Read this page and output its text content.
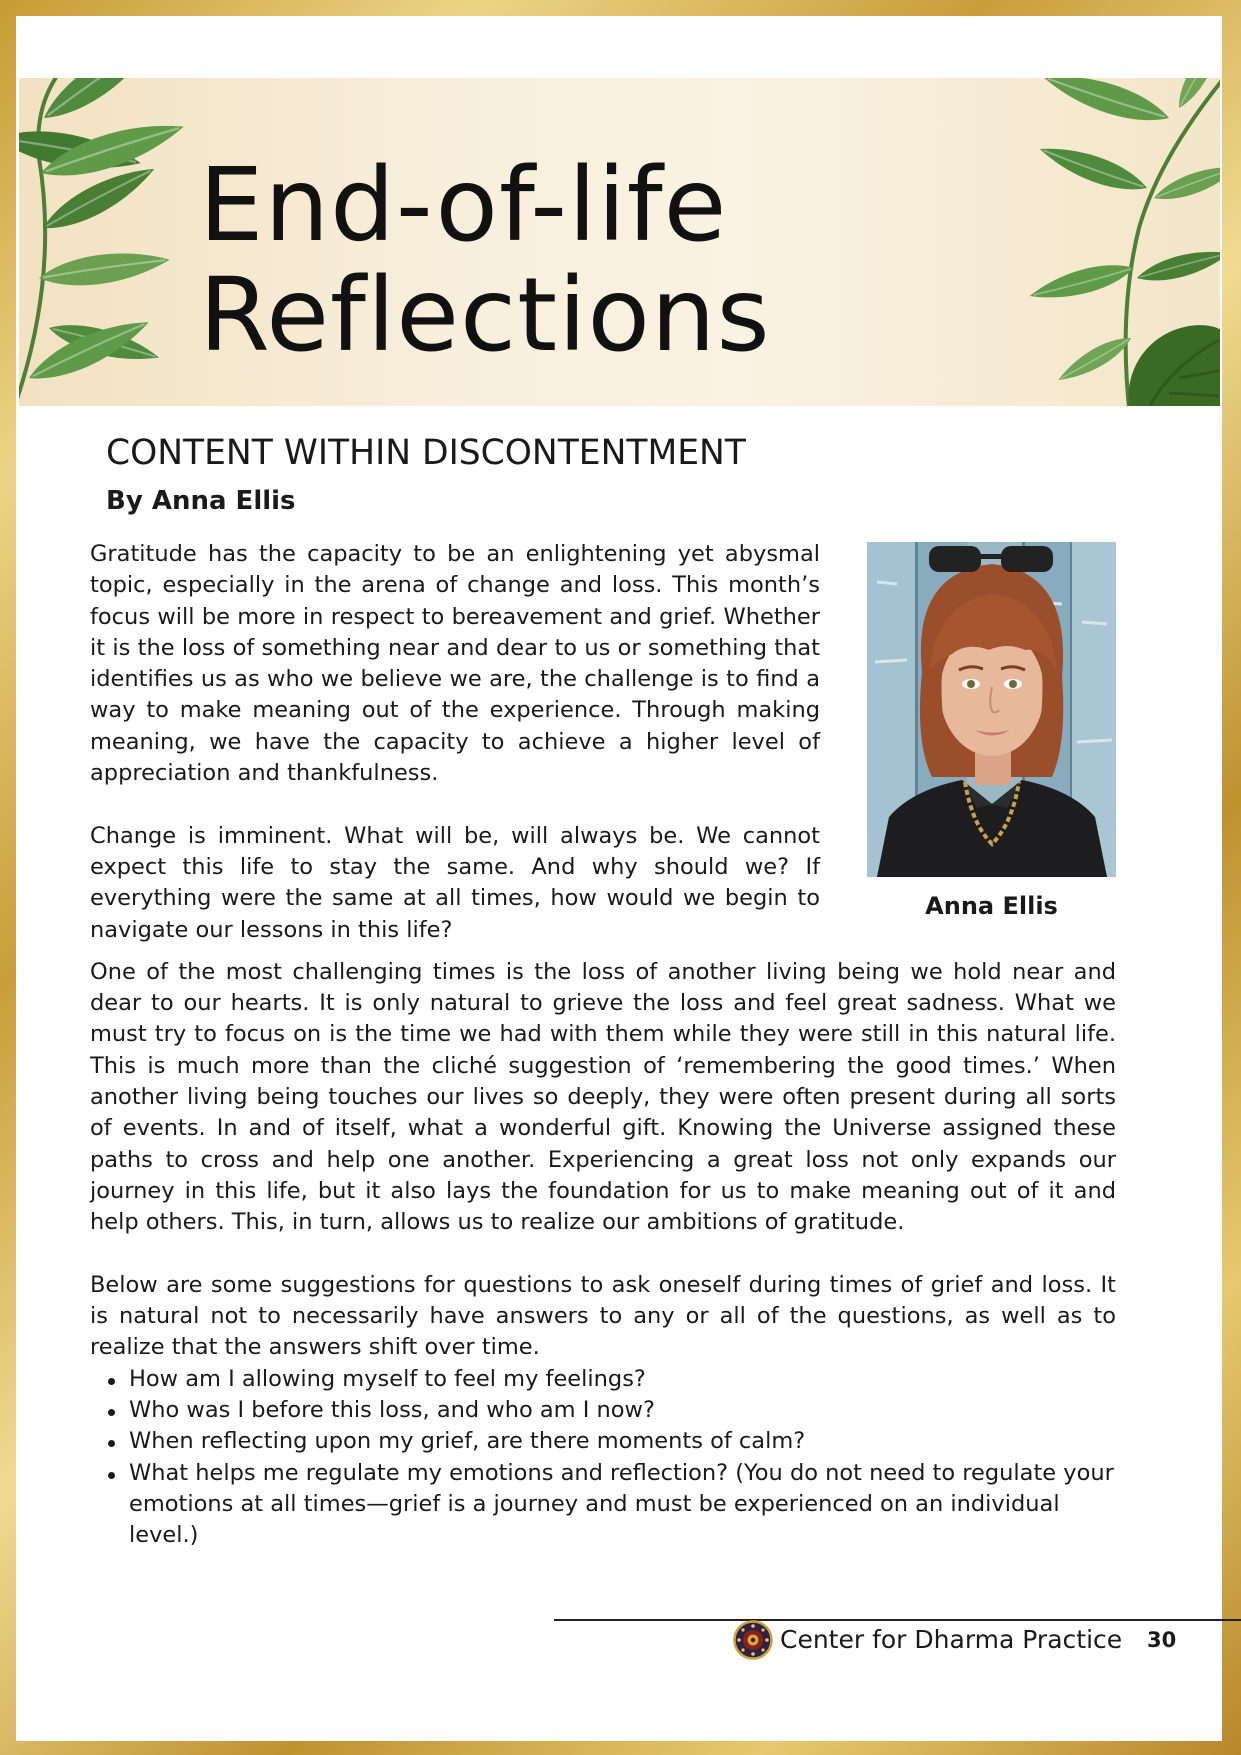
End-of-life
Reflections
CONTENT WITHIN DISCONTENTMENT
By Anna Ellis

Gratitude has the capacity to be an enlightening yet abysmal topic, especially in the arena of change and loss. This month’s focus will be more in respect to bereavement and grief. Whether it is the loss of something near and dear to us or something that identifies us as who we believe we are, the challenge is to find a way to make meaning out of the experience. Through making meaning, we have the capacity to achieve a higher level of appreciation and thankfulness.

Change is imminent. What will be, will always be. We cannot expect this life to stay the same. And why should we? If everything were the same at all times, how would we begin to navigate our lessons in this life?

Anna Ellis

One of the most challenging times is the loss of another living being we hold near and dear to our hearts. It is only natural to grieve the loss and feel great sadness. What we must try to focus on is the time we had with them while they were still in this natural life. This is much more than the cliché suggestion of ‘remembering the good times.’ When another living being touches our lives so deeply, they were often present during all sorts of events. In and of itself, what a wonderful gift. Knowing the Universe assigned these paths to cross and help one another. Experiencing a great loss not only expands our journey in this life, but it also lays the foundation for us to make meaning out of it and help others. This, in turn, allows us to realize our ambitions of gratitude.

Below are some suggestions for questions to ask oneself during times of grief and loss. It is natural not to necessarily have answers to any or all of the questions, as well as to realize that the answers shift over time.

How am I allowing myself to feel my feelings?
Who was I before this loss, and who am I now?
When reflecting upon my grief, are there moments of calm?
What helps me regulate my emotions and reflection? (You do not need to regulate your emotions at all times—grief is a journey and must be experienced on an individual level.)
Center for Dharma Practice 30
